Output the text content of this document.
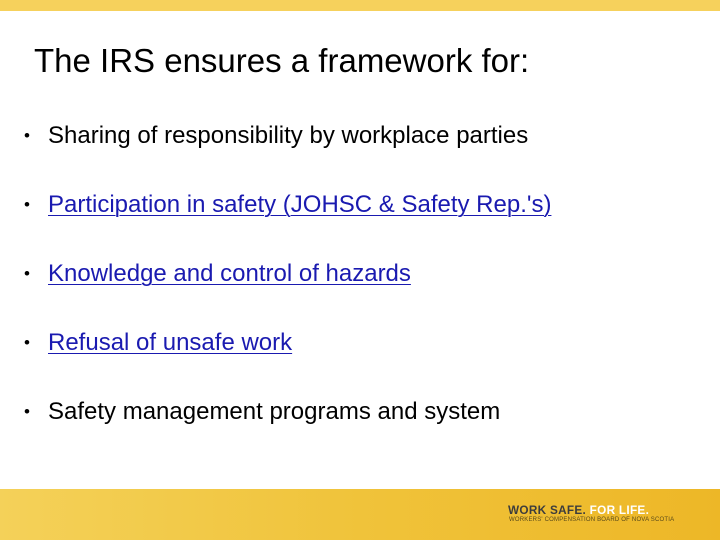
The IRS ensures a framework for:
• Sharing of responsibility by workplace parties
• Participation in safety (JOHSC & Safety Rep.'s)
• Knowledge and control of hazards
• Refusal of unsafe work
• Safety management programs and system
WORK SAFE. FOR LIFE.
WORKERS' COMPENSATION BOARD OF NOVA SCOTIA
